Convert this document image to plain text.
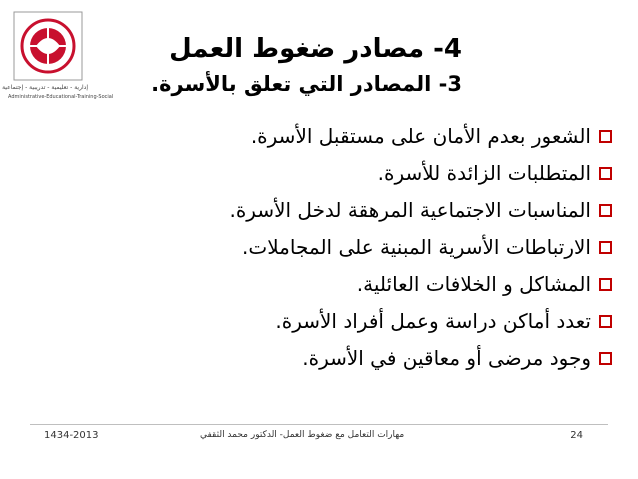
إدارية - تعليمية - تدريبية - إجتماعية
Administrative-Educational-Training-Social
4- مصادر ضغوط العمل
3- المصادر التي تعلق بالأسرة.
الشعور بعدم الأمان على مستقبل الأسرة.
المتطلبات الزائدة للأسرة.
المناسبات الاجتماعية المرهقة لدخل الأسرة.
الارتباطات الأسرية المبنية على المجاملات.
المشاكل و الخلافات العائلية.
تعدد أماكن دراسة وعمل أفراد الأسرة.
وجود مرضى أو معاقين في الأسرة.
1434-2013	مهارات التعامل مع ضغوط العمل- الدكتور محمد الثقفي	24
